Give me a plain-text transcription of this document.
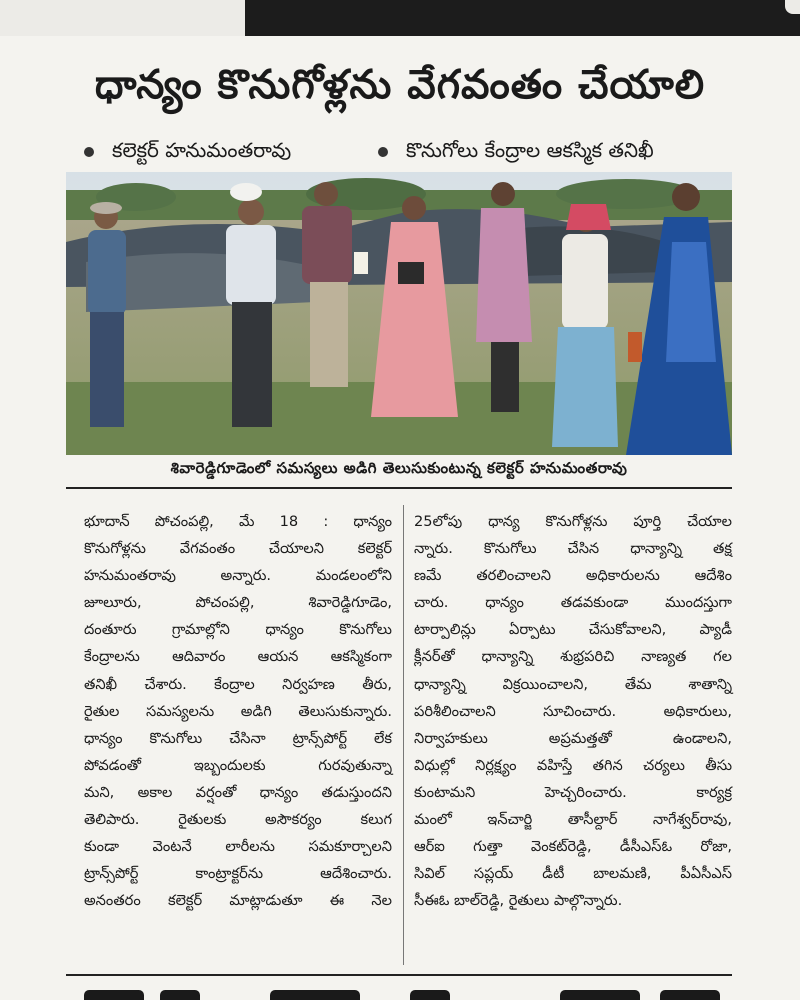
ధాన్యం కొనుగోళ్లను వేగవంతం చేయాలి
కలెక్టర్ హనుమంతరావు	కొనుగోలు కేంద్రాల ఆకస్మిక తనిఖీ
శివారెడ్డిగూడెంలో సమస్యలు అడిగి తెలుసుకుంటున్న కలెక్టర్ హనుమంతరావు

భూదాన్ పోచంపల్లి, మే 18 : ధాన్యం

కొనుగోళ్లను వేగవంతం చేయాలని కలెక్టర్

హనుమంతరావు అన్నారు. మండలంలోని

జూలూరు, పోచంపల్లి, శివారెడ్డిగూడెం,

దంతూరు గ్రామాల్లోని ధాన్యం కొనుగోలు

కేంద్రాలను ఆదివారం ఆయన ఆకస్మికంగా

తనిఖీ చేశారు. కేంద్రాల నిర్వహణ తీరు,

రైతుల సమస్యలను అడిగి తెలుసుకున్నారు.

ధాన్యం కొనుగోలు చేసినా ట్రాన్స్‌పోర్ట్ లేక

పోవడంతో ఇబ్బందులకు గురవుతున్నా

మని, అకాల వర్షంతో ధాన్యం తడుస్తుందని

తెలిపారు. రైతులకు అసౌకర్యం కలుగ

కుండా వెంటనే లారీలను సమకూర్చాలని

ట్రాన్స్‌పోర్ట్ కాంట్రాక్టర్‌ను ఆదేశించారు.

అనంతరం కలెక్టర్ మాట్లాడుతూ ఈ నెల

25లోపు ధాన్య కొనుగోళ్లను పూర్తి చేయాల

న్నారు. కొనుగోలు చేసిన ధాన్యాన్ని తక్ష

ణమే తరలించాలని అధికారులను ఆదేశిం

చారు. ధాన్యం తడవకుండా ముందస్తుగా

టార్పాలిన్లు ఏర్పాటు చేసుకోవాలని, ప్యాడీ

క్లీనర్‌తో ధాన్యాన్ని శుభ్రపరిచి నాణ్యత గల

ధాన్యాన్ని విక్రయించాలని, తేమ శాతాన్ని

పరిశీలించాలని సూచించారు. అధికారులు,

నిర్వాహకులు అప్రమత్తతో ఉండాలని,

విధుల్లో నిర్లక్ష్యం వహిస్తే తగిన చర్యలు తీసు

కుంటామని హెచ్చరించారు. కార్యక్ర

మంలో ఇన్‌చార్జి తాసీల్దార్ నాగేశ్వర్‌రావు,

ఆర్ఐ గుత్తా వెంకట్‌రెడ్డి, డీసీఎస్ఓ రోజా,

సివిల్ సప్లయ్ డీటీ బాలమణి, పీఏసీఎస్

సీఈఓ బాల్‌రెడ్డి, రైతులు పాల్గొన్నారు.
